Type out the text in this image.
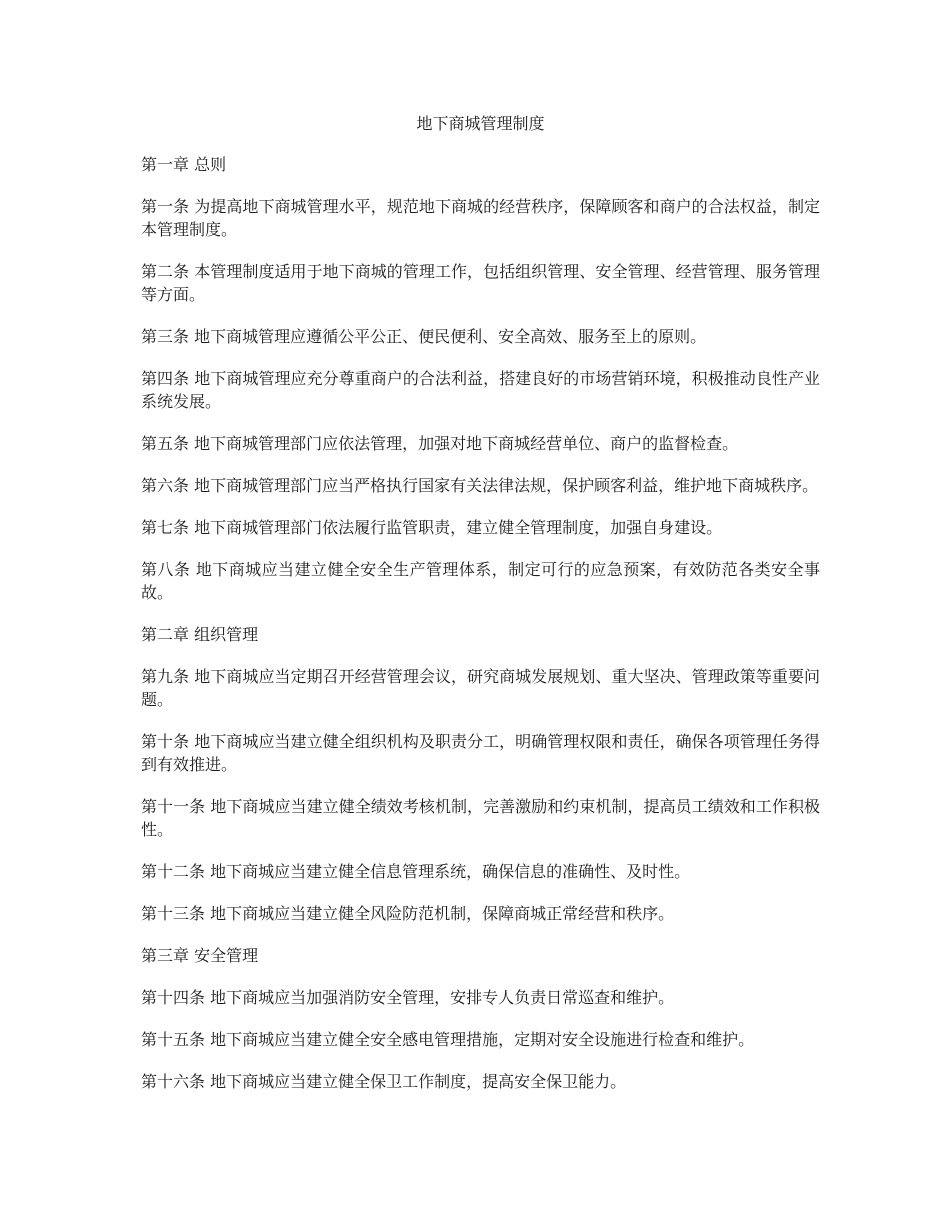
地下商城管理制度

第一章 总则

第一条 为提高地下商城管理水平，规范地下商城的经营秩序，保障顾客和商户的合法权益，制定本管理制度。

第二条 本管理制度适用于地下商城的管理工作，包括组织管理、安全管理、经营管理、服务管理等方面。

第三条 地下商城管理应遵循公平公正、便民便利、安全高效、服务至上的原则。

第四条 地下商城管理应充分尊重商户的合法利益，搭建良好的市场营销环境，积极推动良性产业系统发展。

第五条 地下商城管理部门应依法管理，加强对地下商城经营单位、商户的监督检查。

第六条 地下商城管理部门应当严格执行国家有关法律法规，保护顾客利益，维护地下商城秩序。

第七条 地下商城管理部门依法履行监管职责，建立健全管理制度，加强自身建设。

第八条 地下商城应当建立健全安全生产管理体系，制定可行的应急预案，有效防范各类安全事故。

第二章 组织管理

第九条 地下商城应当定期召开经营管理会议，研究商城发展规划、重大坚决、管理政策等重要问题。

第十条 地下商城应当建立健全组织机构及职责分工，明确管理权限和责任，确保各项管理任务得到有效推进。

第十一条 地下商城应当建立健全绩效考核机制，完善激励和约束机制，提高员工绩效和工作积极性。

第十二条 地下商城应当建立健全信息管理系统，确保信息的准确性、及时性。

第十三条 地下商城应当建立健全风险防范机制，保障商城正常经营和秩序。

第三章 安全管理

第十四条 地下商城应当加强消防安全管理，安排专人负责日常巡查和维护。

第十五条 地下商城应当建立健全安全感电管理措施，定期对安全设施进行检查和维护。

第十六条 地下商城应当建立健全保卫工作制度，提高安全保卫能力。
